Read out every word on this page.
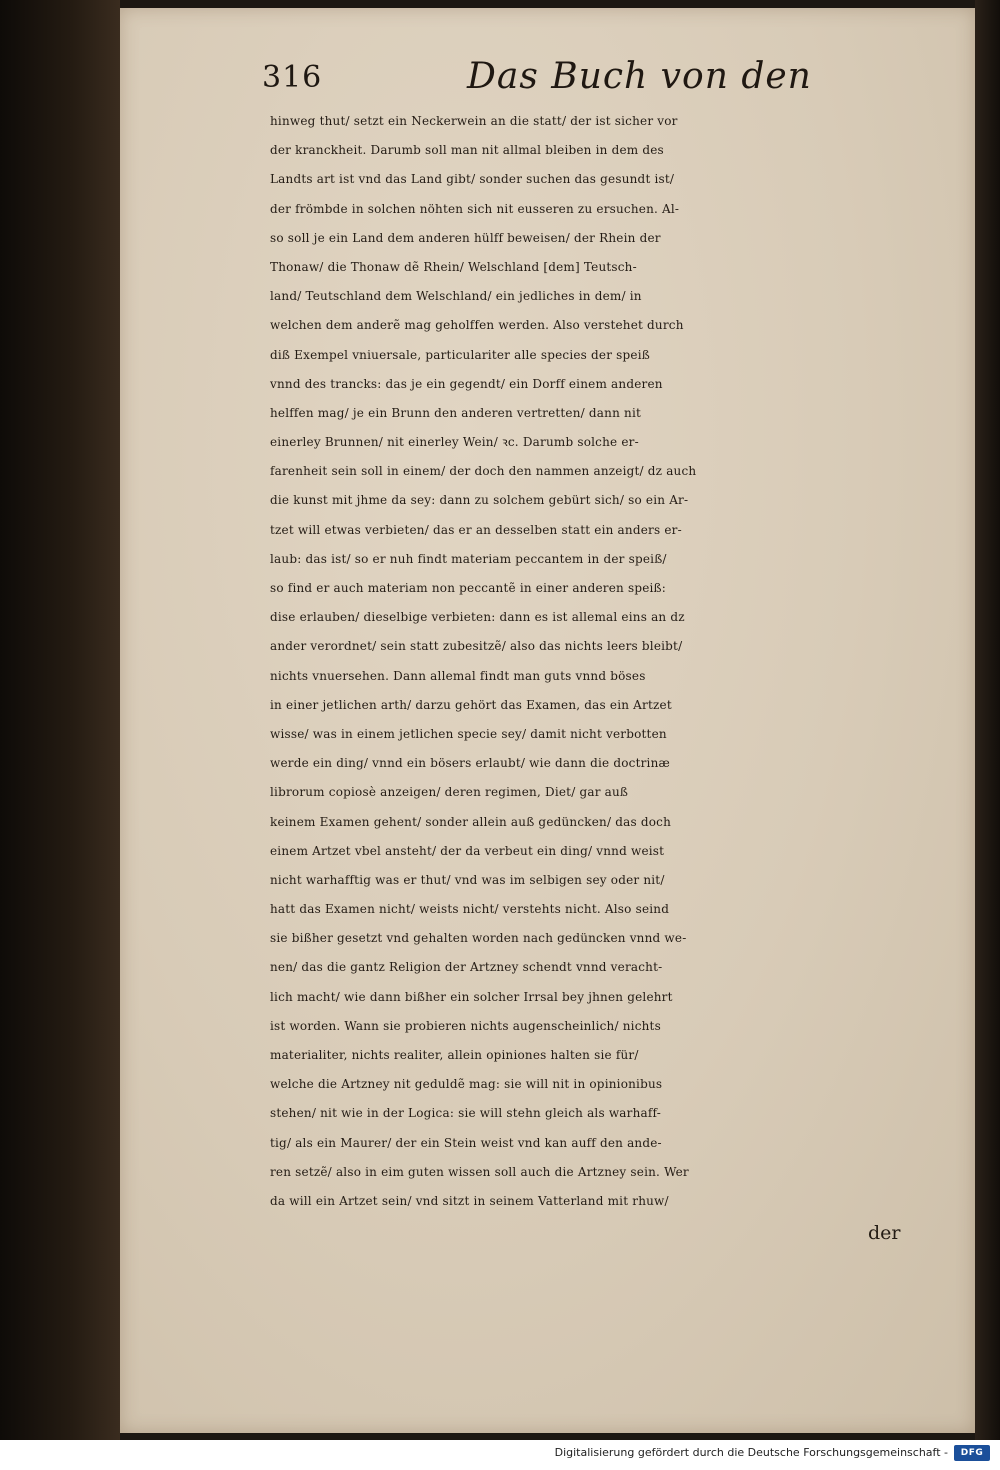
316	Das Buch von den
hinweg thut/ setzt ein Neckerwein an die statt/ der ist sicher vor
der kranckheit. Darumb soll man nit allmal bleiben in dem des
Landts art ist vnd das Land gibt/ sonder suchen das gesundt ist/
der frömbde in solchen nöhten sich nit eusseren zu ersuchen. Al-
so soll je ein Land dem anderen hülff beweisen/ der Rhein der
Thonaw/ die Thonaw dẽ Rhein/ Welschland [dem] Teutsch-
land/ Teutschland dem Welschland/ ein jedliches in dem/ in
welchen dem anderẽ mag geholffen werden. Also verstehet durch
diß Exempel vniuersale, particulariter alle species der speiß
vnnd des trancks: das je ein gegendt/ ein Dorff einem anderen
helffen mag/ je ein Brunn den anderen vertretten/ dann nit
einerley Brunnen/ nit einerley Wein/ ꝛc. Darumb solche er-
farenheit sein soll in einem/ der doch den nammen anzeigt/ dz auch
die kunst mit jhme da sey: dann zu solchem gebürt sich/ so ein Ar-
tzet will etwas verbieten/ das er an desselben statt ein anders er-
laub: das ist/ so er nuh findt materiam peccantem in der speiß/
so find er auch materiam non peccantẽ in einer anderen speiß:
dise erlauben/ dieselbige verbieten: dann es ist allemal eins an dz
ander verordnet/ sein statt zubesitzẽ/ also das nichts leers bleibt/
nichts vnuersehen. Dann allemal findt man guts vnnd böses
in einer jetlichen arth/ darzu gehört das Examen, das ein Artzet
wisse/ was in einem jetlichen specie sey/ damit nicht verbotten
werde ein ding/ vnnd ein bösers erlaubt/ wie dann die doctrinæ
librorum copiosè anzeigen/ deren regimen, Diet/ gar auß
keinem Examen gehent/ sonder allein auß gedüncken/ das doch
einem Artzet vbel ansteht/ der da verbeut ein ding/ vnnd weist
nicht warhafftig was er thut/ vnd was im selbigen sey oder nit/
hatt das Examen nicht/ weists nicht/ verstehts nicht. Also seind
sie bißher gesetzt vnd gehalten worden nach gedüncken vnnd we-
nen/ das die gantz Religion der Artzney schendt vnnd veracht-
lich macht/ wie dann bißher ein solcher Irrsal bey jhnen gelehrt
ist worden. Wann sie probieren nichts augenscheinlich/ nichts
materialiter, nichts realiter, allein opiniones halten sie für/
welche die Artzney nit geduldẽ mag: sie will nit in opinionibus
stehen/ nit wie in der Logica: sie will stehn gleich als warhaff-
tig/ als ein Maurer/ der ein Stein weist vnd kan auff den ande-
ren setzẽ/ also in eim guten wissen soll auch die Artzney sein. Wer
da will ein Artzet sein/ vnd sitzt in seinem Vatterland mit rhuw/
der
Digitalisierung gefördert durch die Deutsche Forschungsgemeinschaft -	DFG
